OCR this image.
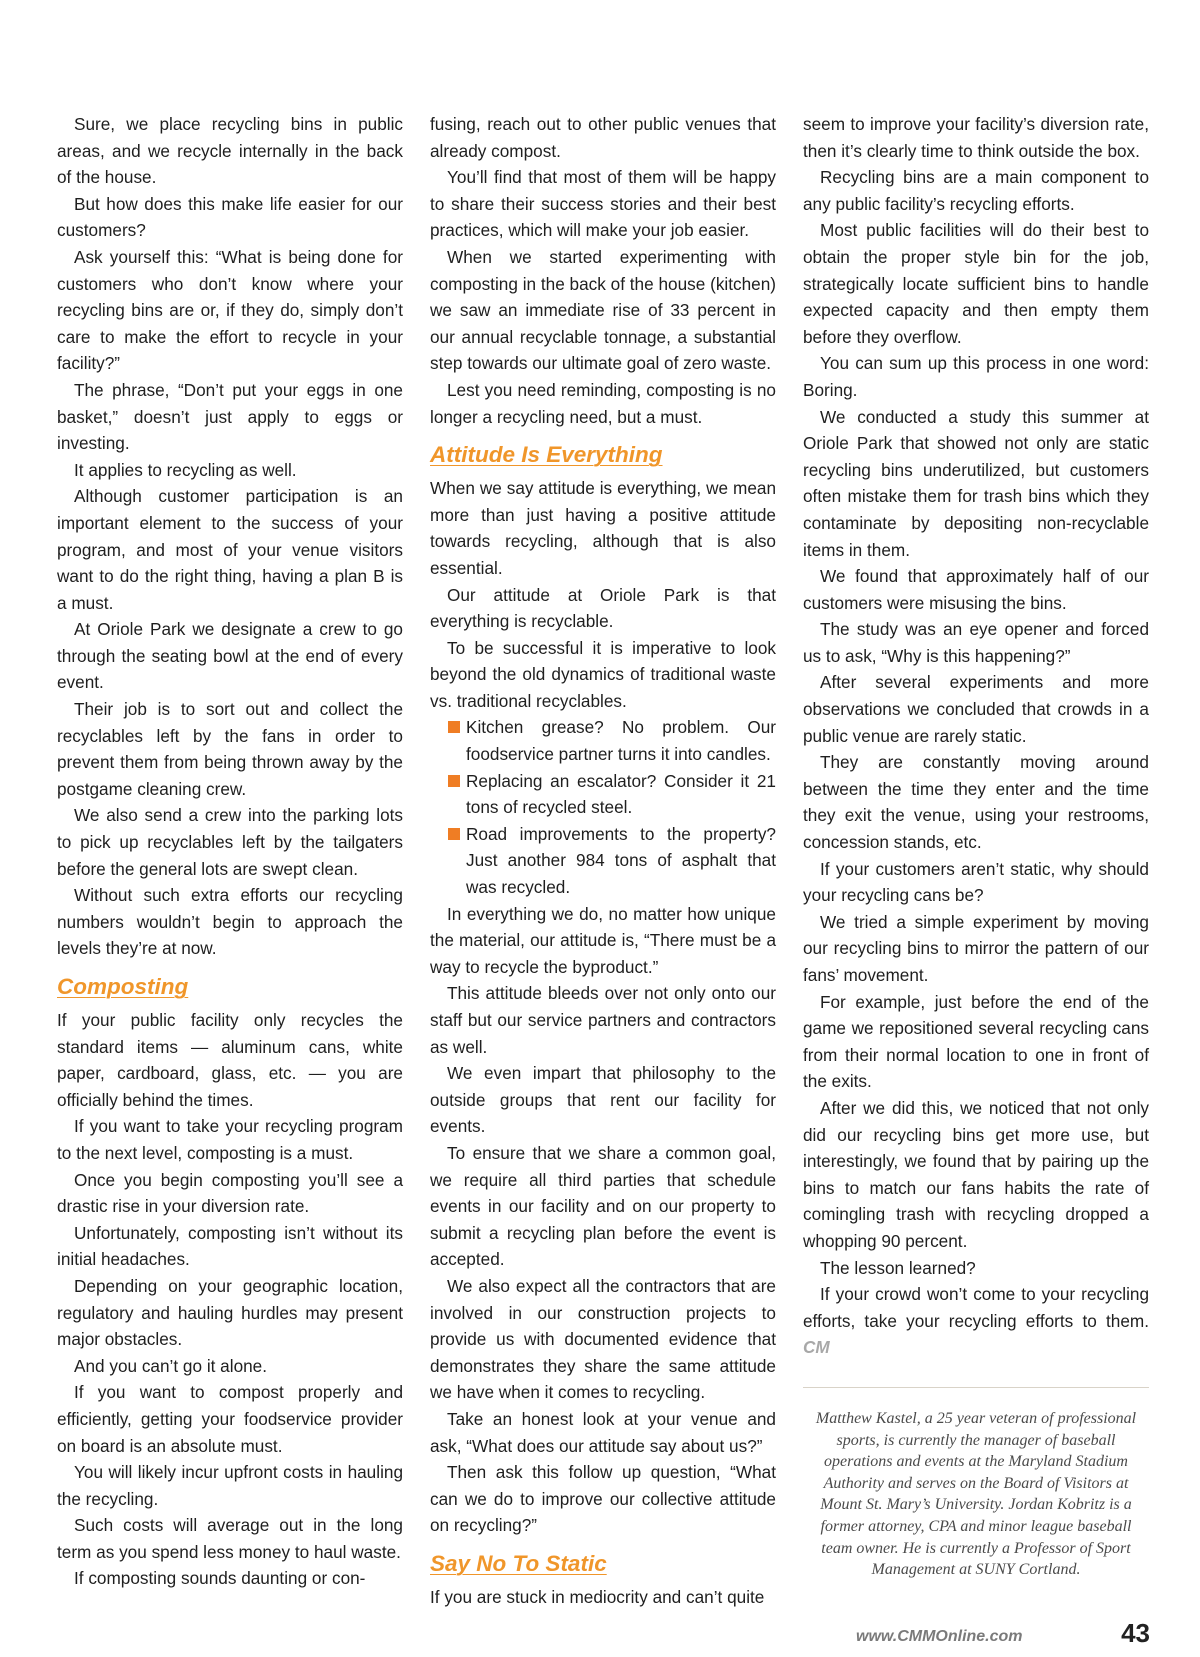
Sure, we place recycling bins in public areas, and we recycle internally in the back of the house.

But how does this make life easier for our customers?

Ask yourself this: “What is being done for customers who don’t know where your recycling bins are or, if they do, simply don’t care to make the effort to recycle in your facility?”

The phrase, “Don’t put your eggs in one basket,” doesn’t just apply to eggs or investing.

It applies to recycling as well.

Although customer participation is an important element to the success of your program, and most of your venue visitors want to do the right thing, having a plan B is a must.

At Oriole Park we designate a crew to go through the seating bowl at the end of every event.

Their job is to sort out and collect the recyclables left by the fans in order to prevent them from being thrown away by the postgame cleaning crew.

We also send a crew into the parking lots to pick up recyclables left by the tailgaters before the general lots are swept clean.

Without such extra efforts our recycling numbers wouldn’t begin to approach the levels they’re at now.

Composting

If your public facility only recycles the standard items — aluminum cans, white paper, cardboard, glass, etc. — you are officially behind the times.

If you want to take your recycling program to the next level, composting is a must.

Once you begin composting you’ll see a drastic rise in your diversion rate.

Unfortunately, composting isn’t without its initial headaches.

Depending on your geographic location, regulatory and hauling hurdles may present major obstacles.

And you can’t go it alone.

If you want to compost properly and efficiently, getting your foodservice provider on board is an absolute must.

You will likely incur upfront costs in hauling the recycling.

Such costs will average out in the long term as you spend less money to haul waste.

If composting sounds daunting or con-

fusing, reach out to other public venues that already compost.

You’ll find that most of them will be happy to share their success stories and their best practices, which will make your job easier.

When we started experimenting with composting in the back of the house (kitchen) we saw an immediate rise of 33 percent in our annual recyclable tonnage, a substantial step towards our ultimate goal of zero waste.

Lest you need reminding, composting is no longer a recycling need, but a must.

Attitude Is Everything

When we say attitude is everything, we mean more than just having a positive attitude towards recycling, although that is also essential.

Our attitude at Oriole Park is that everything is recyclable.

To be successful it is imperative to look beyond the old dynamics of traditional waste vs. traditional recyclables.

Kitchen grease? No problem. Our foodservice partner turns it into candles.
Replacing an escalator? Consider it 21 tons of recycled steel.
Road improvements to the property? Just another 984 tons of asphalt that was recycled.

In everything we do, no matter how unique the material, our attitude is, “There must be a way to recycle the byproduct.”

This attitude bleeds over not only onto our staff but our service partners and contractors as well.

We even impart that philosophy to the outside groups that rent our facility for events.

To ensure that we share a common goal, we require all third parties that schedule events in our facility and on our property to submit a recycling plan before the event is accepted.

We also expect all the contractors that are involved in our construction projects to provide us with documented evidence that demonstrates they share the same attitude we have when it comes to recycling.

Take an honest look at your venue and ask, “What does our attitude say about us?”

Then ask this follow up question, “What can we do to improve our collective attitude on recycling?”

Say No To Static

If you are stuck in mediocrity and can’t quite

seem to improve your facility’s diversion rate, then it’s clearly time to think outside the box.

Recycling bins are a main component to any public facility’s recycling efforts.

Most public facilities will do their best to obtain the proper style bin for the job, strategically locate sufficient bins to handle expected capacity and then empty them before they overflow.

You can sum up this process in one word: Boring.

We conducted a study this summer at Oriole Park that showed not only are static recycling bins underutilized, but customers often mistake them for trash bins which they contaminate by depositing non-recyclable items in them.

We found that approximately half of our customers were misusing the bins.

The study was an eye opener and forced us to ask, “Why is this happening?”

After several experiments and more observations we concluded that crowds in a public venue are rarely static.

They are constantly moving around between the time they enter and the time they exit the venue, using your restrooms, concession stands, etc.

If your customers aren’t static, why should your recycling cans be?

We tried a simple experiment by moving our recycling bins to mirror the pattern of our fans’ movement.

For example, just before the end of the game we repositioned several recycling cans from their normal location to one in front of the exits.

After we did this, we noticed that not only did our recycling bins get more use, but interestingly, we found that by pairing up the bins to match our fans habits the rate of comingling trash with recycling dropped a whopping 90 percent.

The lesson learned?

If your crowd won’t come to your recycling efforts, take your recycling efforts to them. CM

Matthew Kastel, a 25 year veteran of professional sports, is currently the manager of baseball operations and events at the Maryland Stadium Authority and serves on the Board of Visitors at Mount St. Mary’s University. Jordan Kobritz is a former attorney, CPA and minor league baseball team owner. He is currently a Professor of Sport Management at SUNY Cortland.
www.CMMOnline.com	43
